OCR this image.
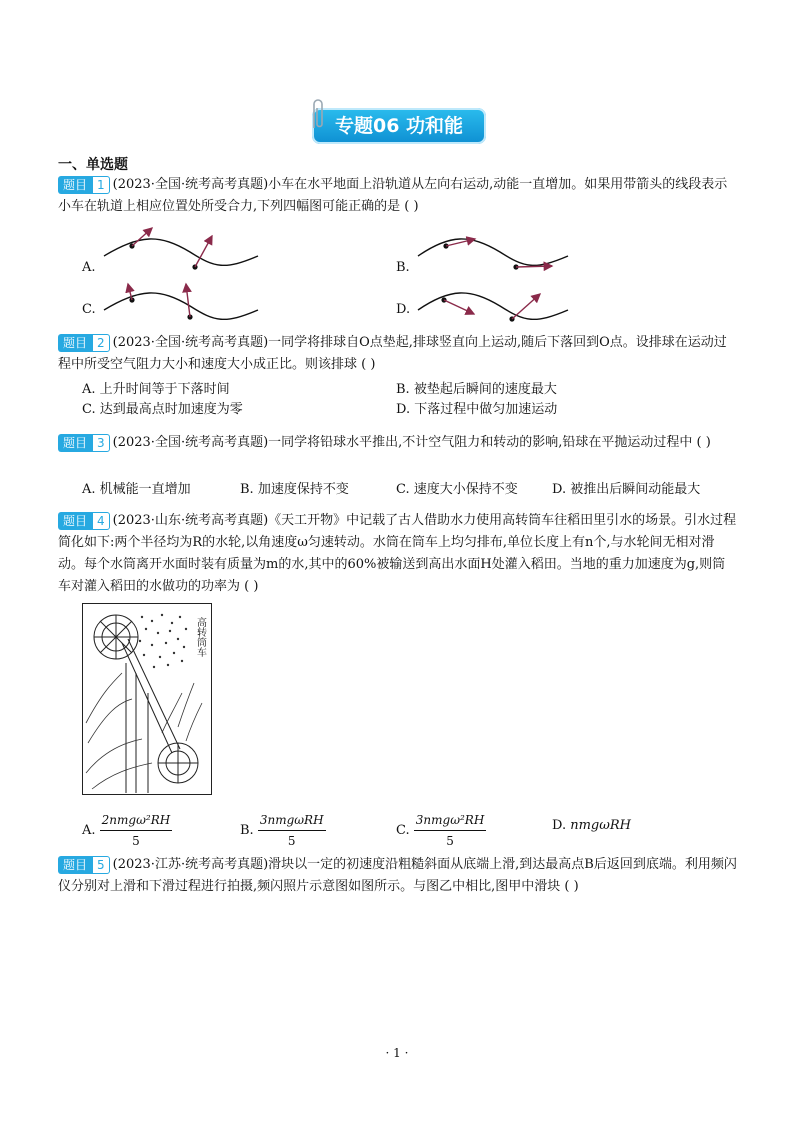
专题06 功和能
一、单选题
题目 1 (2023·全国·统考高考真题)小车在水平地面上沿轨道从左向右运动,动能一直增加。如果用带箭头的线段表示小车在轨道上相应位置处所受合力,下列四幅图可能正确的是 ( )
A.	B.
C.	D.
题目 2 (2023·全国·统考高考真题)一同学将排球自O点垫起,排球竖直向上运动,随后下落回到O点。设排球在运动过程中所受空气阻力大小和速度大小成正比。则该排球 ( )
A. 上升时间等于下落时间	B. 被垫起后瞬间的速度最大
C. 达到最高点时加速度为零	D. 下落过程中做匀加速运动
题目 3 (2023·全国·统考高考真题)一同学将铅球水平推出,不计空气阻力和转动的影响,铅球在平抛运动过程中 ( )
A. 机械能一直增加	B. 加速度保持不变	C. 速度大小保持不变	D. 被推出后瞬间动能最大
题目 4 (2023·山东·统考高考真题)《天工开物》中记载了古人借助水力使用高转筒车往稻田里引水的场景。引水过程简化如下:两个半径均为R的水轮,以角速度ω匀速转动。水筒在筒车上均匀排布,单位长度上有n个,与水轮间无相对滑动。每个水筒离开水面时装有质量为m的水,其中的60%被输送到高出水面H处灌入稻田。当地的重力加速度为g,则筒车对灌入稻田的水做功的功率为 ( )
高转筒车
A. $\frac{\text{2nmgω²RH}}{5}$	B. $\frac{\text{3nmgωRH}}{5}$	C. $\frac{\text{3nmgω²RH}}{5}$	D. nmgωRH
题目 5 (2023·江苏·统考高考真题)滑块以一定的初速度沿粗糙斜面从底端上滑,到达最高点B后返回到底端。利用频闪仪分别对上滑和下滑过程进行拍摄,频闪照片示意图如图所示。与图乙中相比,图甲中滑块 ( )
· 1 ·
